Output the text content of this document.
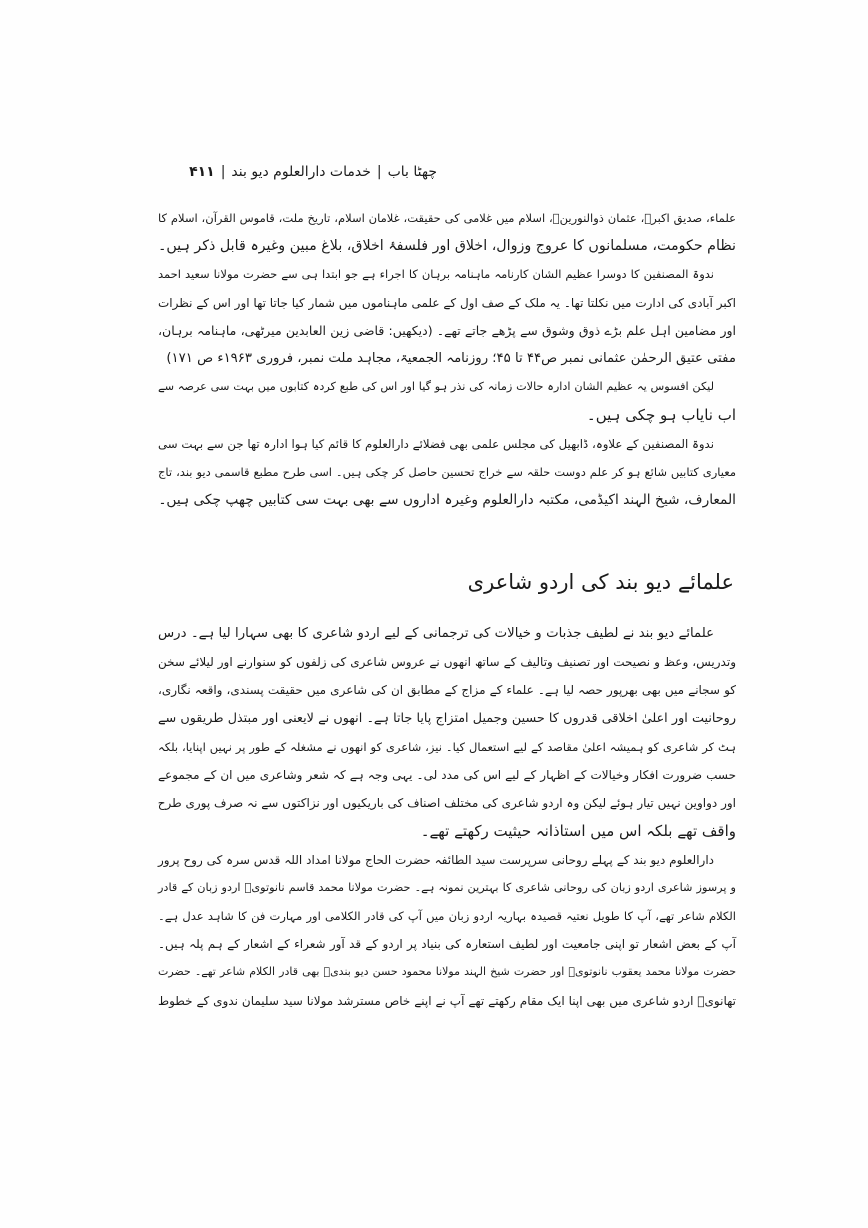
چھٹا باب|خدمات دارالعلوم دیو بند|۴۱۱
علماء، صدیق اکبرؓ، عثمان ذوالنورینؓ، اسلام میں غلامی کی حقیقت، غلامان اسلام، تاریخ ملت، قاموس القرآن، اسلام کا
نظام حکومت، مسلمانوں کا عروج وزوال، اخلاق اور فلسفۂ اخلاق، بلاغ مبین وغیرہ قابل ذکر ہیں۔
ندوۃ المصنفین کا دوسرا عظیم الشان کارنامہ ماہنامہ برہان کا اجراء ہے جو ابتدا ہی سے حضرت مولانا سعید احمد
اکبر آبادی کی ادارت میں نکلتا تھا۔ یہ ملک کے صف اول کے علمی ماہناموں میں شمار کیا جاتا تھا اور اس کے نظرات
اور مضامین اہل علم بڑے ذوق وشوق سے پڑھے جاتے تھے۔ (دیکھیں: قاضی زین العابدین میرٹھی، ماہنامہ برہان،
مفتی عتیق الرحمٰن عثمانی نمبر ص۴۴ تا ۴۵؛ روزنامہ الجمعیۃ، مجاہد ملت نمبر، فروری ۱۹۶۳ء ص ۱۷۱)
لیکن افسوس یہ عظیم الشان ادارہ حالات زمانہ کی نذر ہو گیا اور اس کی طبع کردہ کتابوں میں بہت سی عرصہ سے
اب نایاب ہو چکی ہیں۔
ندوۃ المصنفین کے علاوہ، ڈابھیل کی مجلس علمی بھی فضلائے دارالعلوم کا قائم کیا ہوا ادارہ تھا جن سے بہت سی
معیاری کتابیں شائع ہو کر علم دوست حلقہ سے خراج تحسین حاصل کر چکی ہیں۔ اسی طرح مطبع قاسمی دیو بند، تاج
المعارف، شیخ الہند اکیڈمی، مکتبہ دارالعلوم وغیرہ اداروں سے بھی بہت سی کتابیں چھپ چکی ہیں۔
علمائے دیو بند کی اردو شاعری
علمائے دیو بند نے لطیف جذبات و خیالات کی ترجمانی کے لیے اردو شاعری کا بھی سہارا لیا ہے۔ درس
وتدریس، وعظ و نصیحت اور تصنیف وتالیف کے ساتھ انھوں نے عروس شاعری کی زلفوں کو سنوارنے اور لیلائے سخن
کو سجانے میں بھی بھرپور حصہ لیا ہے۔ علماء کے مزاج کے مطابق ان کی شاعری میں حقیقت پسندی، واقعہ نگاری،
روحانیت اور اعلیٰ اخلاقی قدروں کا حسین وجمیل امتزاج پایا جاتا ہے۔ انھوں نے لایعنی اور مبتذل طریقوں سے
ہٹ کر شاعری کو ہمیشہ اعلیٰ مقاصد کے لیے استعمال کیا۔ نیز، شاعری کو انھوں نے مشغلہ کے طور پر نہیں اپنایا، بلکہ
حسب ضرورت افکار وخیالات کے اظہار کے لیے اس کی مدد لی۔ یہی وجہ ہے کہ شعر وشاعری میں ان کے مجموعے
اور دواوین نہیں تیار ہوئے لیکن وہ اردو شاعری کی مختلف اصناف کی باریکیوں اور نزاکتوں سے نہ صرف پوری طرح
واقف تھے بلکہ اس میں استاذانہ حیثیت رکھتے تھے۔
دارالعلوم دیو بند کے پہلے روحانی سرپرست سید الطائفہ حضرت الحاج مولانا امداد اللہ قدس سرہ کی روح پرور
و پرسوز شاعری اردو زبان کی روحانی شاعری کا بہترین نمونہ ہے۔ حضرت مولانا محمد قاسم نانوتویؒ اردو زبان کے قادر
الکلام شاعر تھے، آپ کا طویل نعتیہ قصیدہ بہاریہ اردو زبان میں آپ کی قادر الکلامی اور مہارت فن کا شاہد عدل ہے۔
آپ کے بعض اشعار تو اپنی جامعیت اور لطیف استعارہ کی بنیاد پر اردو کے قد آور شعراء کے اشعار کے ہم پلہ ہیں۔
حضرت مولانا محمد یعقوب نانوتویؒ اور حضرت شیخ الہند مولانا محمود حسن دیو بندیؒ بھی قادر الکلام شاعر تھے۔ حضرت
تھانویؒ اردو شاعری میں بھی اپنا ایک مقام رکھتے تھے آپ نے اپنے خاص مسترشد مولانا سید سلیمان ندوی کے خطوط
